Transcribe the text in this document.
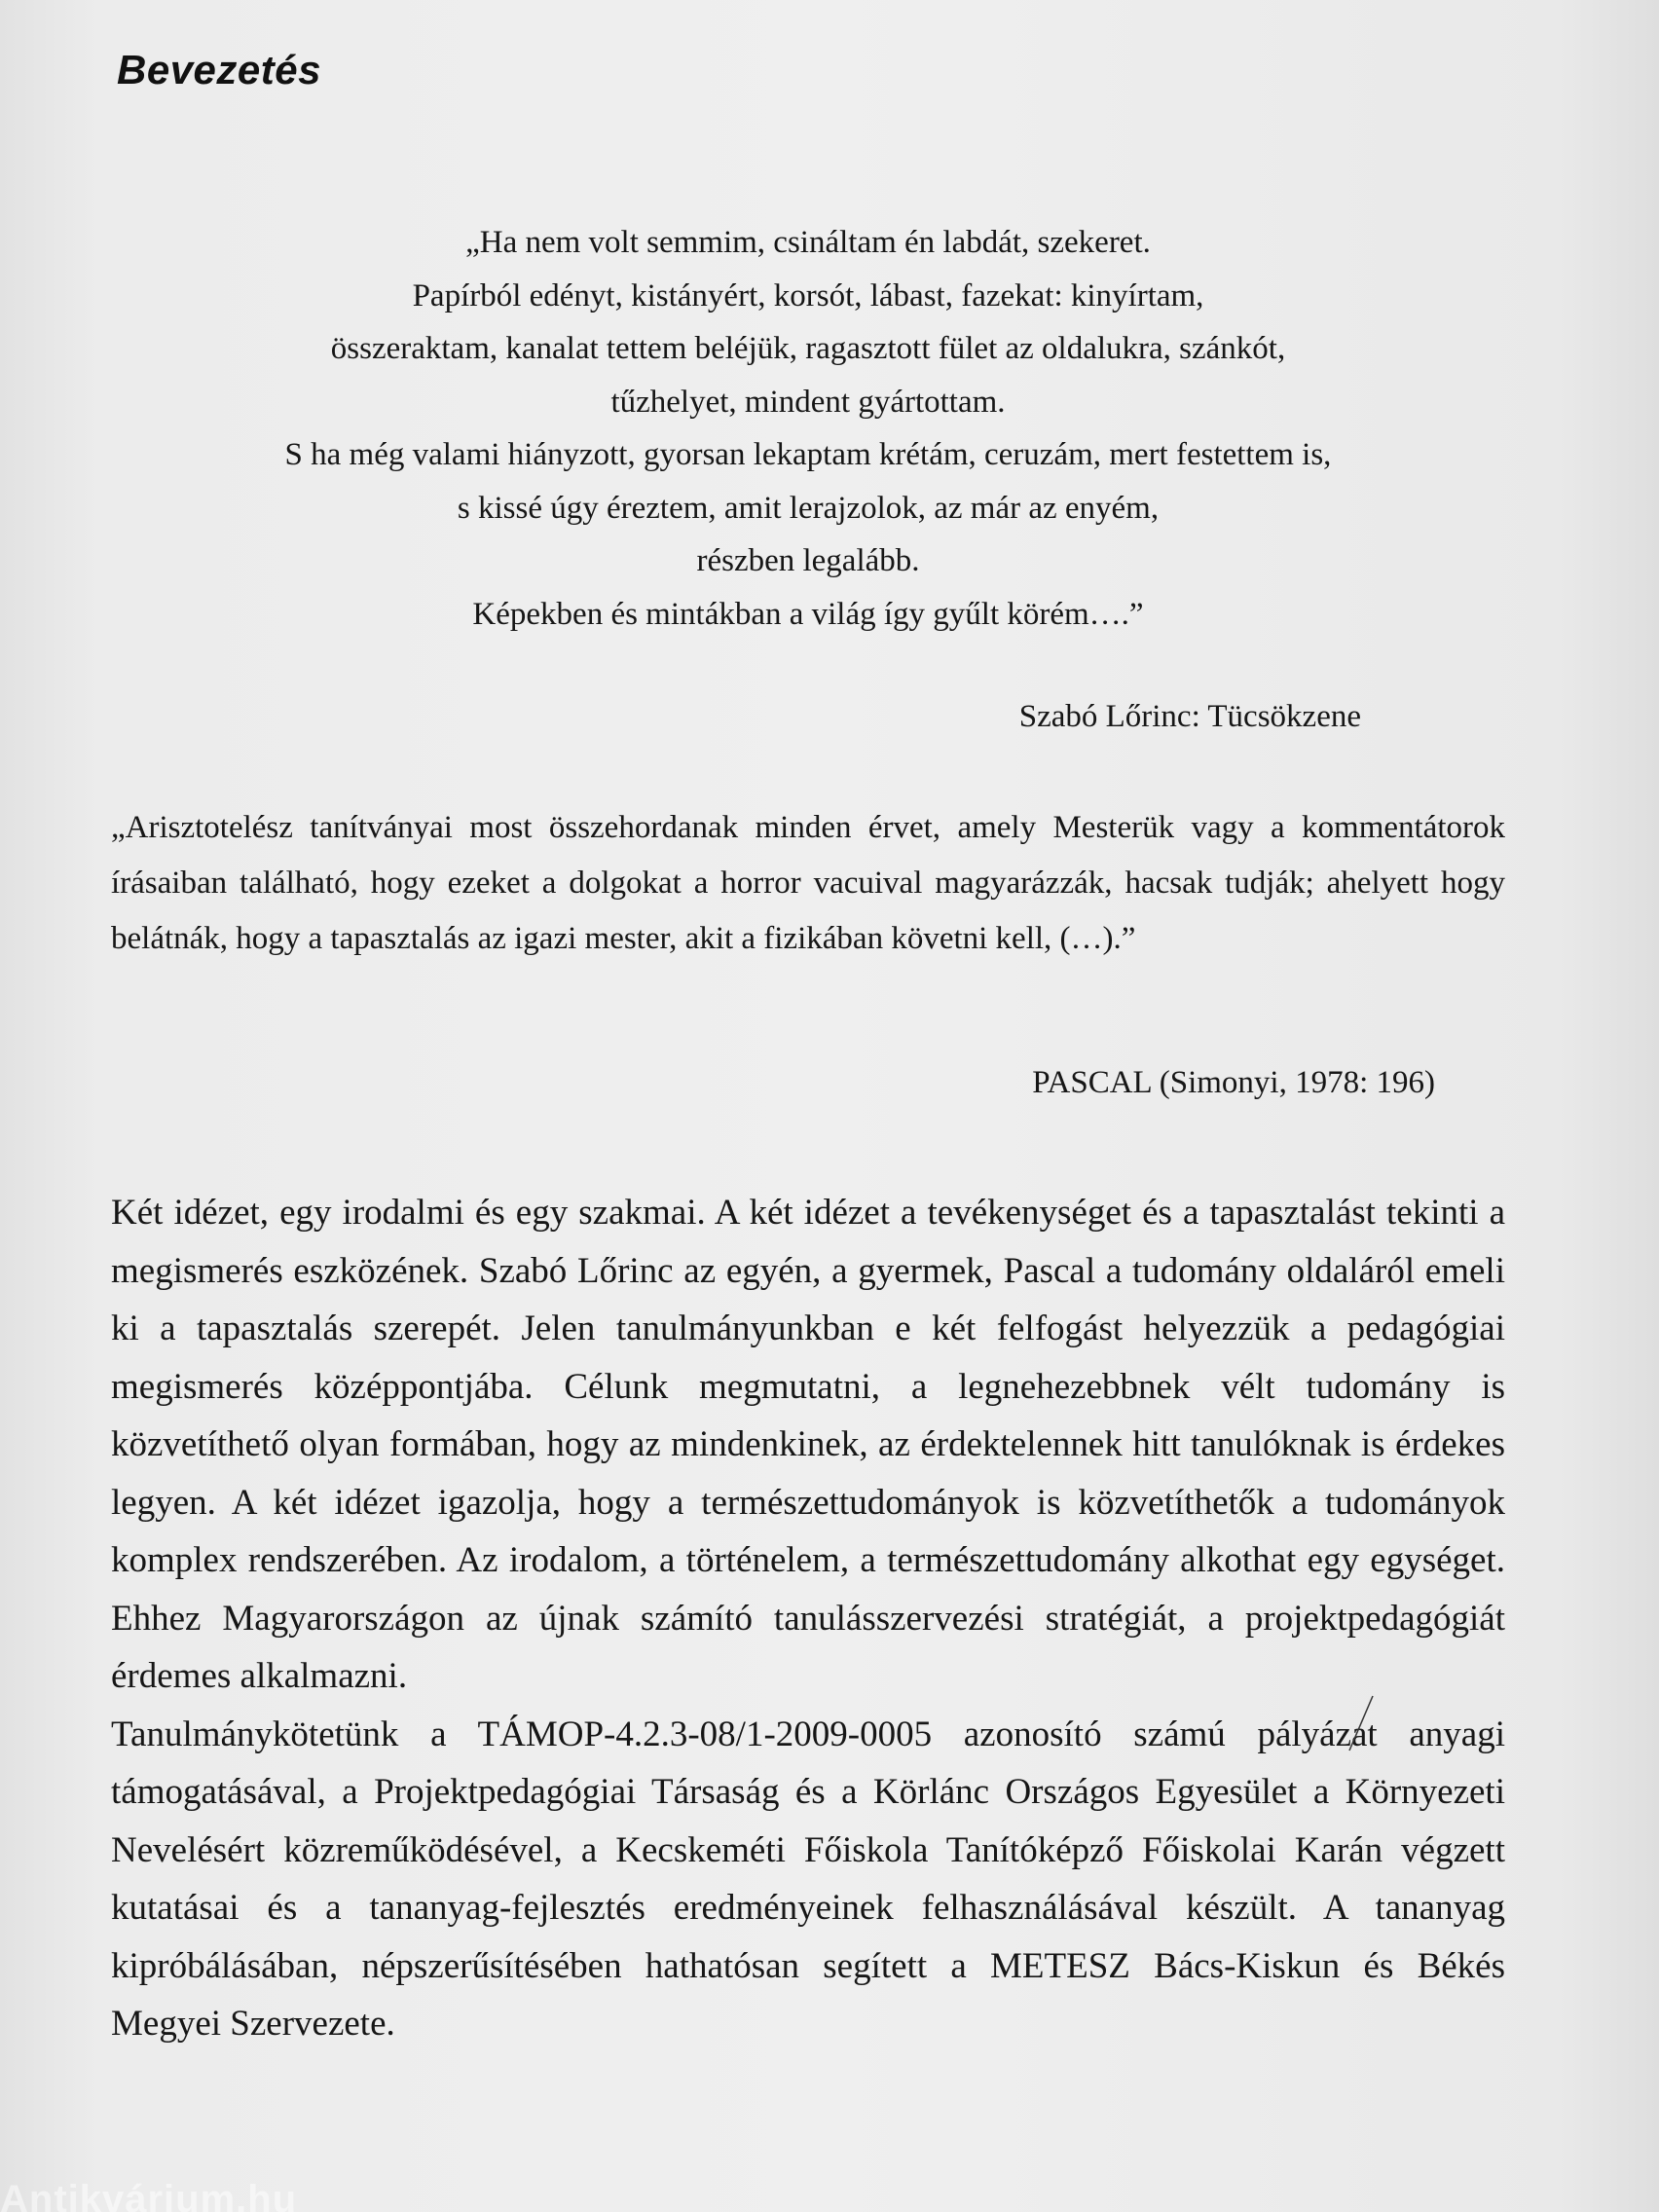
Bevezetés
„Ha nem volt semmim, csináltam én labdát, szekeret.
Papírból edényt, kistányért, korsót, lábast, fazekat: kinyírtam,
összeraktam, kanalat tettem beléjük, ragasztott fület az oldalukra, szánkót,
tűzhelyet, mindent gyártottam.
S ha még valami hiányzott, gyorsan lekaptam krétám, ceruzám, mert festettem is,
s kissé úgy éreztem, amit lerajzolok, az már az enyém,
részben legalább.
Képekben és mintákban a világ így gyűlt körém….”
Szabó Lőrinc: Tücsökzene
„Arisztotelész tanítványai most összehordanak minden érvet, amely Mesterük vagy a kommentátorok írásaiban található, hogy ezeket a dolgokat a horror vacuival magyarázzák, hacsak tudják; ahelyett hogy belátnák, hogy a tapasztalás az igazi mester, akit a fizikában követni kell, (…).”
PASCAL (Simonyi, 1978: 196)

Két idézet, egy irodalmi és egy szakmai. A két idézet a tevékenységet és a tapasztalást tekinti a megismerés eszközének. Szabó Lőrinc az egyén, a gyermek, Pascal a tudomány oldaláról emeli ki a tapasztalás szerepét. Jelen tanulmányunkban e két felfogást helyezzük a pedagógiai megismerés középpontjába. Célunk megmutatni, a legnehezebbnek vélt tudomány is közvetíthető olyan formában, hogy az mindenkinek, az érdektelennek hitt tanulóknak is érdekes legyen. A két idézet igazolja, hogy a természettudományok is közvetíthetők a tudományok komplex rendszerében. Az irodalom, a történelem, a természettudomány alkothat egy egységet. Ehhez Magyarországon az újnak számító tanulásszervezési stratégiát, a projektpedagógiát érdemes alkalmazni.

Tanulmánykötetünk a TÁMOP-4.2.3-08/1-2009-0005 azonosító számú pályázat anyagi támogatásával, a Projektpedagógiai Társaság és a Körlánc Országos Egyesület a Környezeti Nevelésért közreműködésével, a Kecskeméti Főiskola Tanítóképző Főiskolai Karán végzett kutatásai és a tananyag-fejlesztés eredményeinek felhasználásával készült. A tananyag kipróbálásában, népszerűsítésében hathatósan segített a METESZ Bács-Kiskun és Békés Megyei Szervezete.

Antikvárium.hu
